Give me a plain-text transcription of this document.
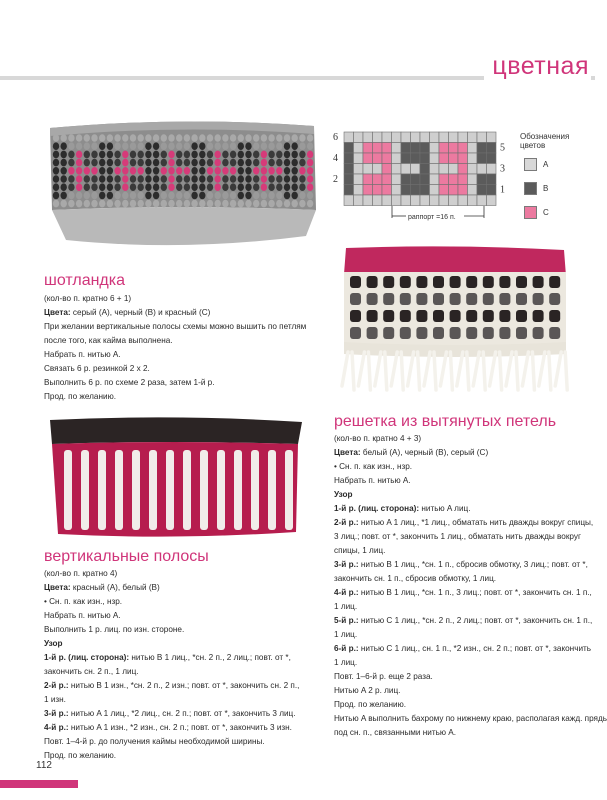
цветная
6
4
2
5
3
1
раппорт =16 п.
Обозначения цветов
A
B
C
шотландка

(кол-во п. кратно 6 + 1)

Цвета: серый (A), черный (B) и красный (C)

При желании вертикальные полосы схемы можно вышить по петлям

после того, как кайма выполнена.

Набрать п. нитью A.

Связать 6 р. резинкой 2 х 2.

Выполнить 6 р. по схеме 2 раза, затем 1-й р.

Прод. по желанию.

вертикальные полосы

(кол-во п. кратно 4)

Цвета: красный (A), белый (B)

• Сн. п. как изн., нзр.

Набрать п. нитью A.

Выполнить 1 р. лиц. по изн. стороне.

Узор

1-й р. (лиц. сторона): нитью B 1 лиц., *сн. 2 п., 2 лиц.; повт. от *,

закончить сн. 2 п., 1 лиц.

2-й р.: нитью B 1 изн., *сн. 2 п., 2 изн.; повт. от *, закончить сн. 2 п.,

1 изн.

3-й р.: нитью A 1 лиц., *2 лиц., сн. 2 п.; повт. от *, закончить 3 лиц.

4-й р.: нитью A 1 изн., *2 изн., сн. 2 п.; повт. от *, закончить 3 изн.

Повт. 1–4-й р. до получения каймы необходимой ширины.

Прод. по желанию.

решетка из вытянутых петель

(кол-во п. кратно 4 + 3)

Цвета: белый (A), черный (B), серый (C)

• Сн. п. как изн., нзр.

Набрать п. нитью A.

Узор

1-й р. (лиц. сторона): нитью A лиц.

2-й р.: нитью A 1 лиц., *1 лиц., обматать нить дважды вокруг спицы,

3 лиц.; повт. от *, закончить 1 лиц., обматать нить дважды вокруг

спицы, 1 лиц.

3-й р.: нитью B 1 лиц., *сн. 1 п., сбросив обмотку, 3 лиц.; повт. от *,

закончить сн. 1 п., сбросив обмотку, 1 лиц.

4-й р.: нитью B 1 лиц., *сн. 1 п., 3 лиц.; повт. от *, закончить сн. 1 п.,

1 лиц.

5-й р.: нитью C 1 лиц., *сн. 2 п., 2 лиц.; повт. от *, закончить сн. 1 п.,

1 лиц.

6-й р.: нитью C 1 лиц., сн. 1 п., *2 изн., сн. 2 п.; повт. от *, закончить

1 лиц.

Повт. 1–6-й р. еще 2 раза.

Нитью A 2 р. лиц.

Прод. по желанию.

Нитью A выполнить бахрому по нижнему краю, располагая кажд. прядь

под сн. п., связанными нитью A.

112
